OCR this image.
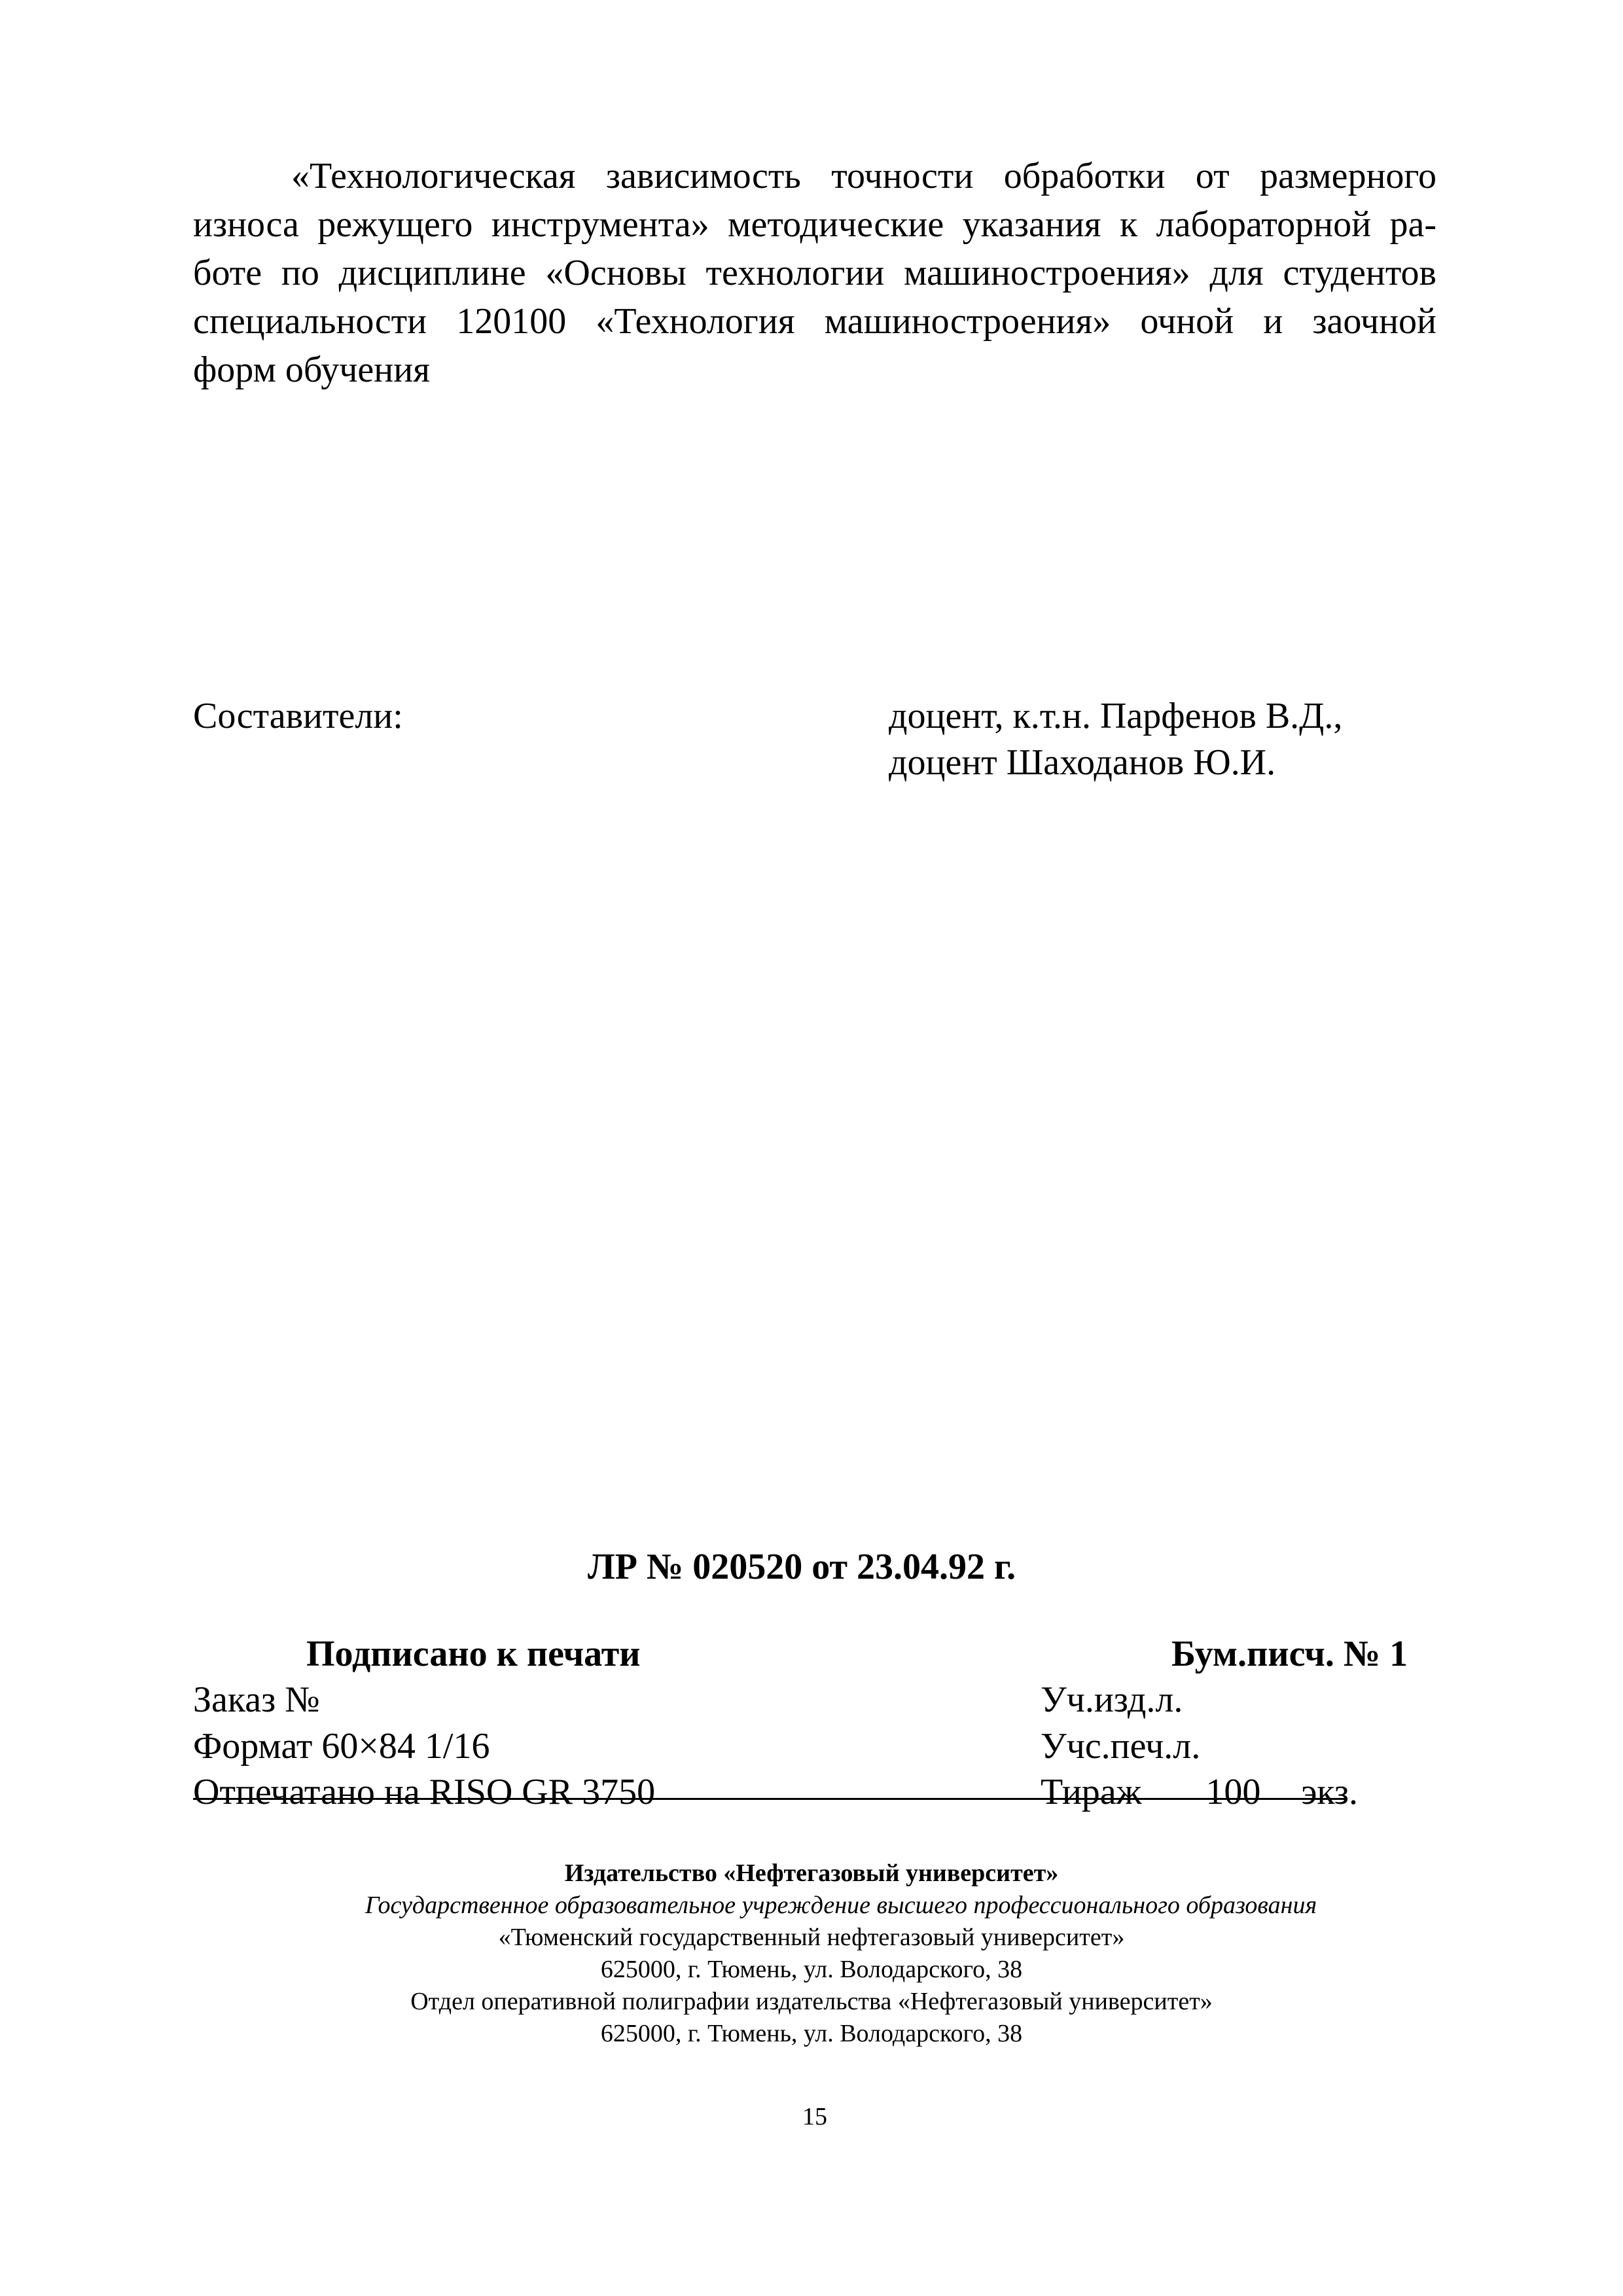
«Технологическая зависимость точности обработки от размерного
износа режущего инструмента» методические указания к лабораторной ра-
боте по дисциплине «Основы технологии машиностроения» для студентов
специальности 120100 «Технология машиностроения» очной и заочной
форм обучения
Составители:	доцент, к.т.н. Парфенов В.Д.,
доцент Шаходанов Ю.И.
ЛР № 020520 от 23.04.92 г.
Подписано к печати	Бум.писч. № 1
Заказ №	Уч.изд.л.
Формат 60×84 1/16	Учс.печ.л.
Отпечатано на RISO GR 3750	Тираж 100 экз.
Издательство «Нефтегазовый университет»
Государственное образовательное учреждение высшего профессионального образования
«Тюменский государственный нефтегазовый университет»
625000, г. Тюмень, ул. Володарского, 38
Отдел оперативной полиграфии издательства «Нефтегазовый университет»
625000, г. Тюмень, ул. Володарского, 38
15
